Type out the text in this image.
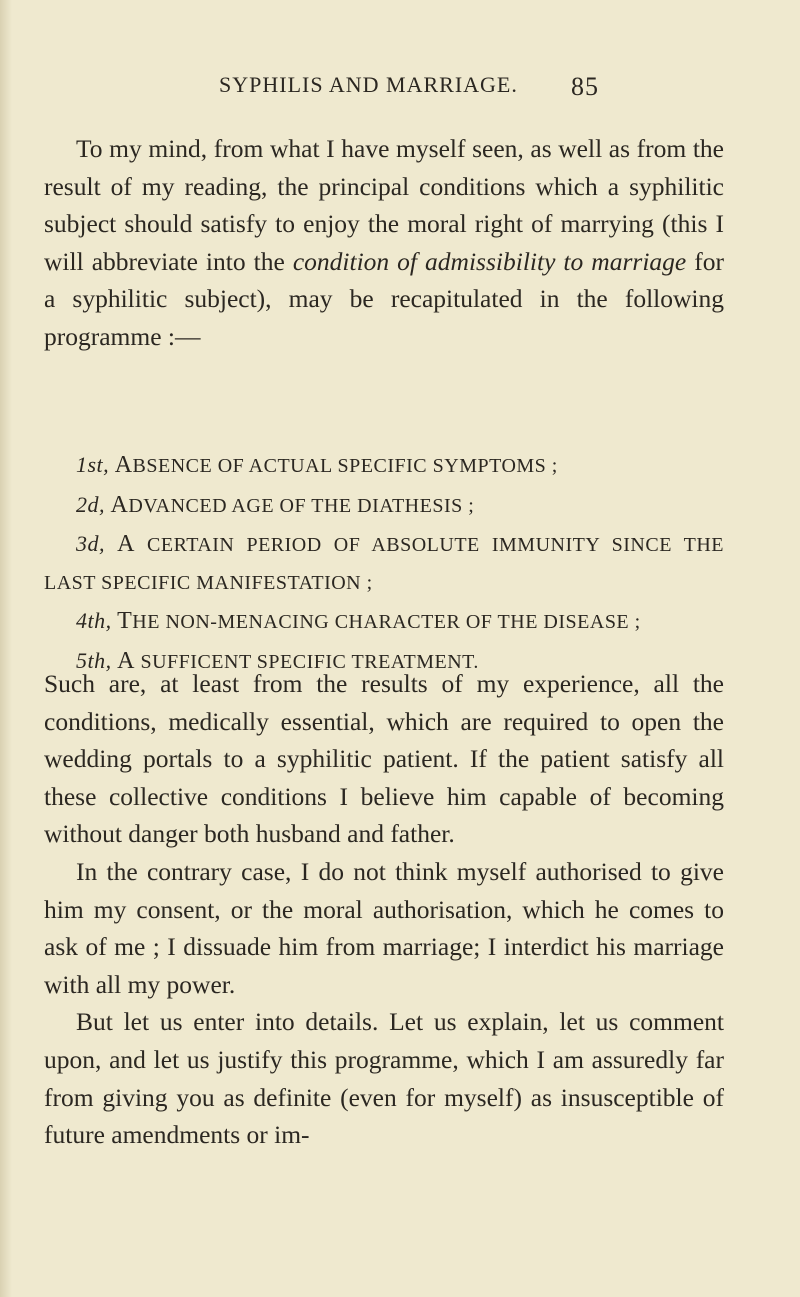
SYPHILIS AND MARRIAGE. 85

To my mind, from what I have myself seen, as well as from the result of my reading, the principal conditions which a syphilitic subject should satisfy to enjoy the moral right of marrying (this I will abbreviate into the condition of admissibility to marriage for a syphilitic subject), may be recapitulated in the following programme :—

1st, ABSENCE OF ACTUAL SPECIFIC SYMPTOMS ;
2d, ADVANCED AGE OF THE DIATHESIS ;
3d, A CERTAIN PERIOD OF ABSOLUTE IMMUNITY SINCE THE LAST SPECIFIC MANIFESTATION ;
4th, THE NON-MENACING CHARACTER OF THE DISEASE ;
5th, A SUFFICENT SPECIFIC TREATMENT.

Such are, at least from the results of my experience, all the conditions, medically essential, which are required to open the wedding portals to a syphilitic patient. If the patient satisfy all these collective conditions I believe him capable of becoming without danger both husband and father.

In the contrary case, I do not think myself authorised to give him my consent, or the moral authorisation, which he comes to ask of me ; I dissuade him from marriage; I interdict his marriage with all my power.

But let us enter into details. Let us explain, let us comment upon, and let us justify this programme, which I am assuredly far from giving you as definite (even for myself) as insusceptible of future amendments or im-
